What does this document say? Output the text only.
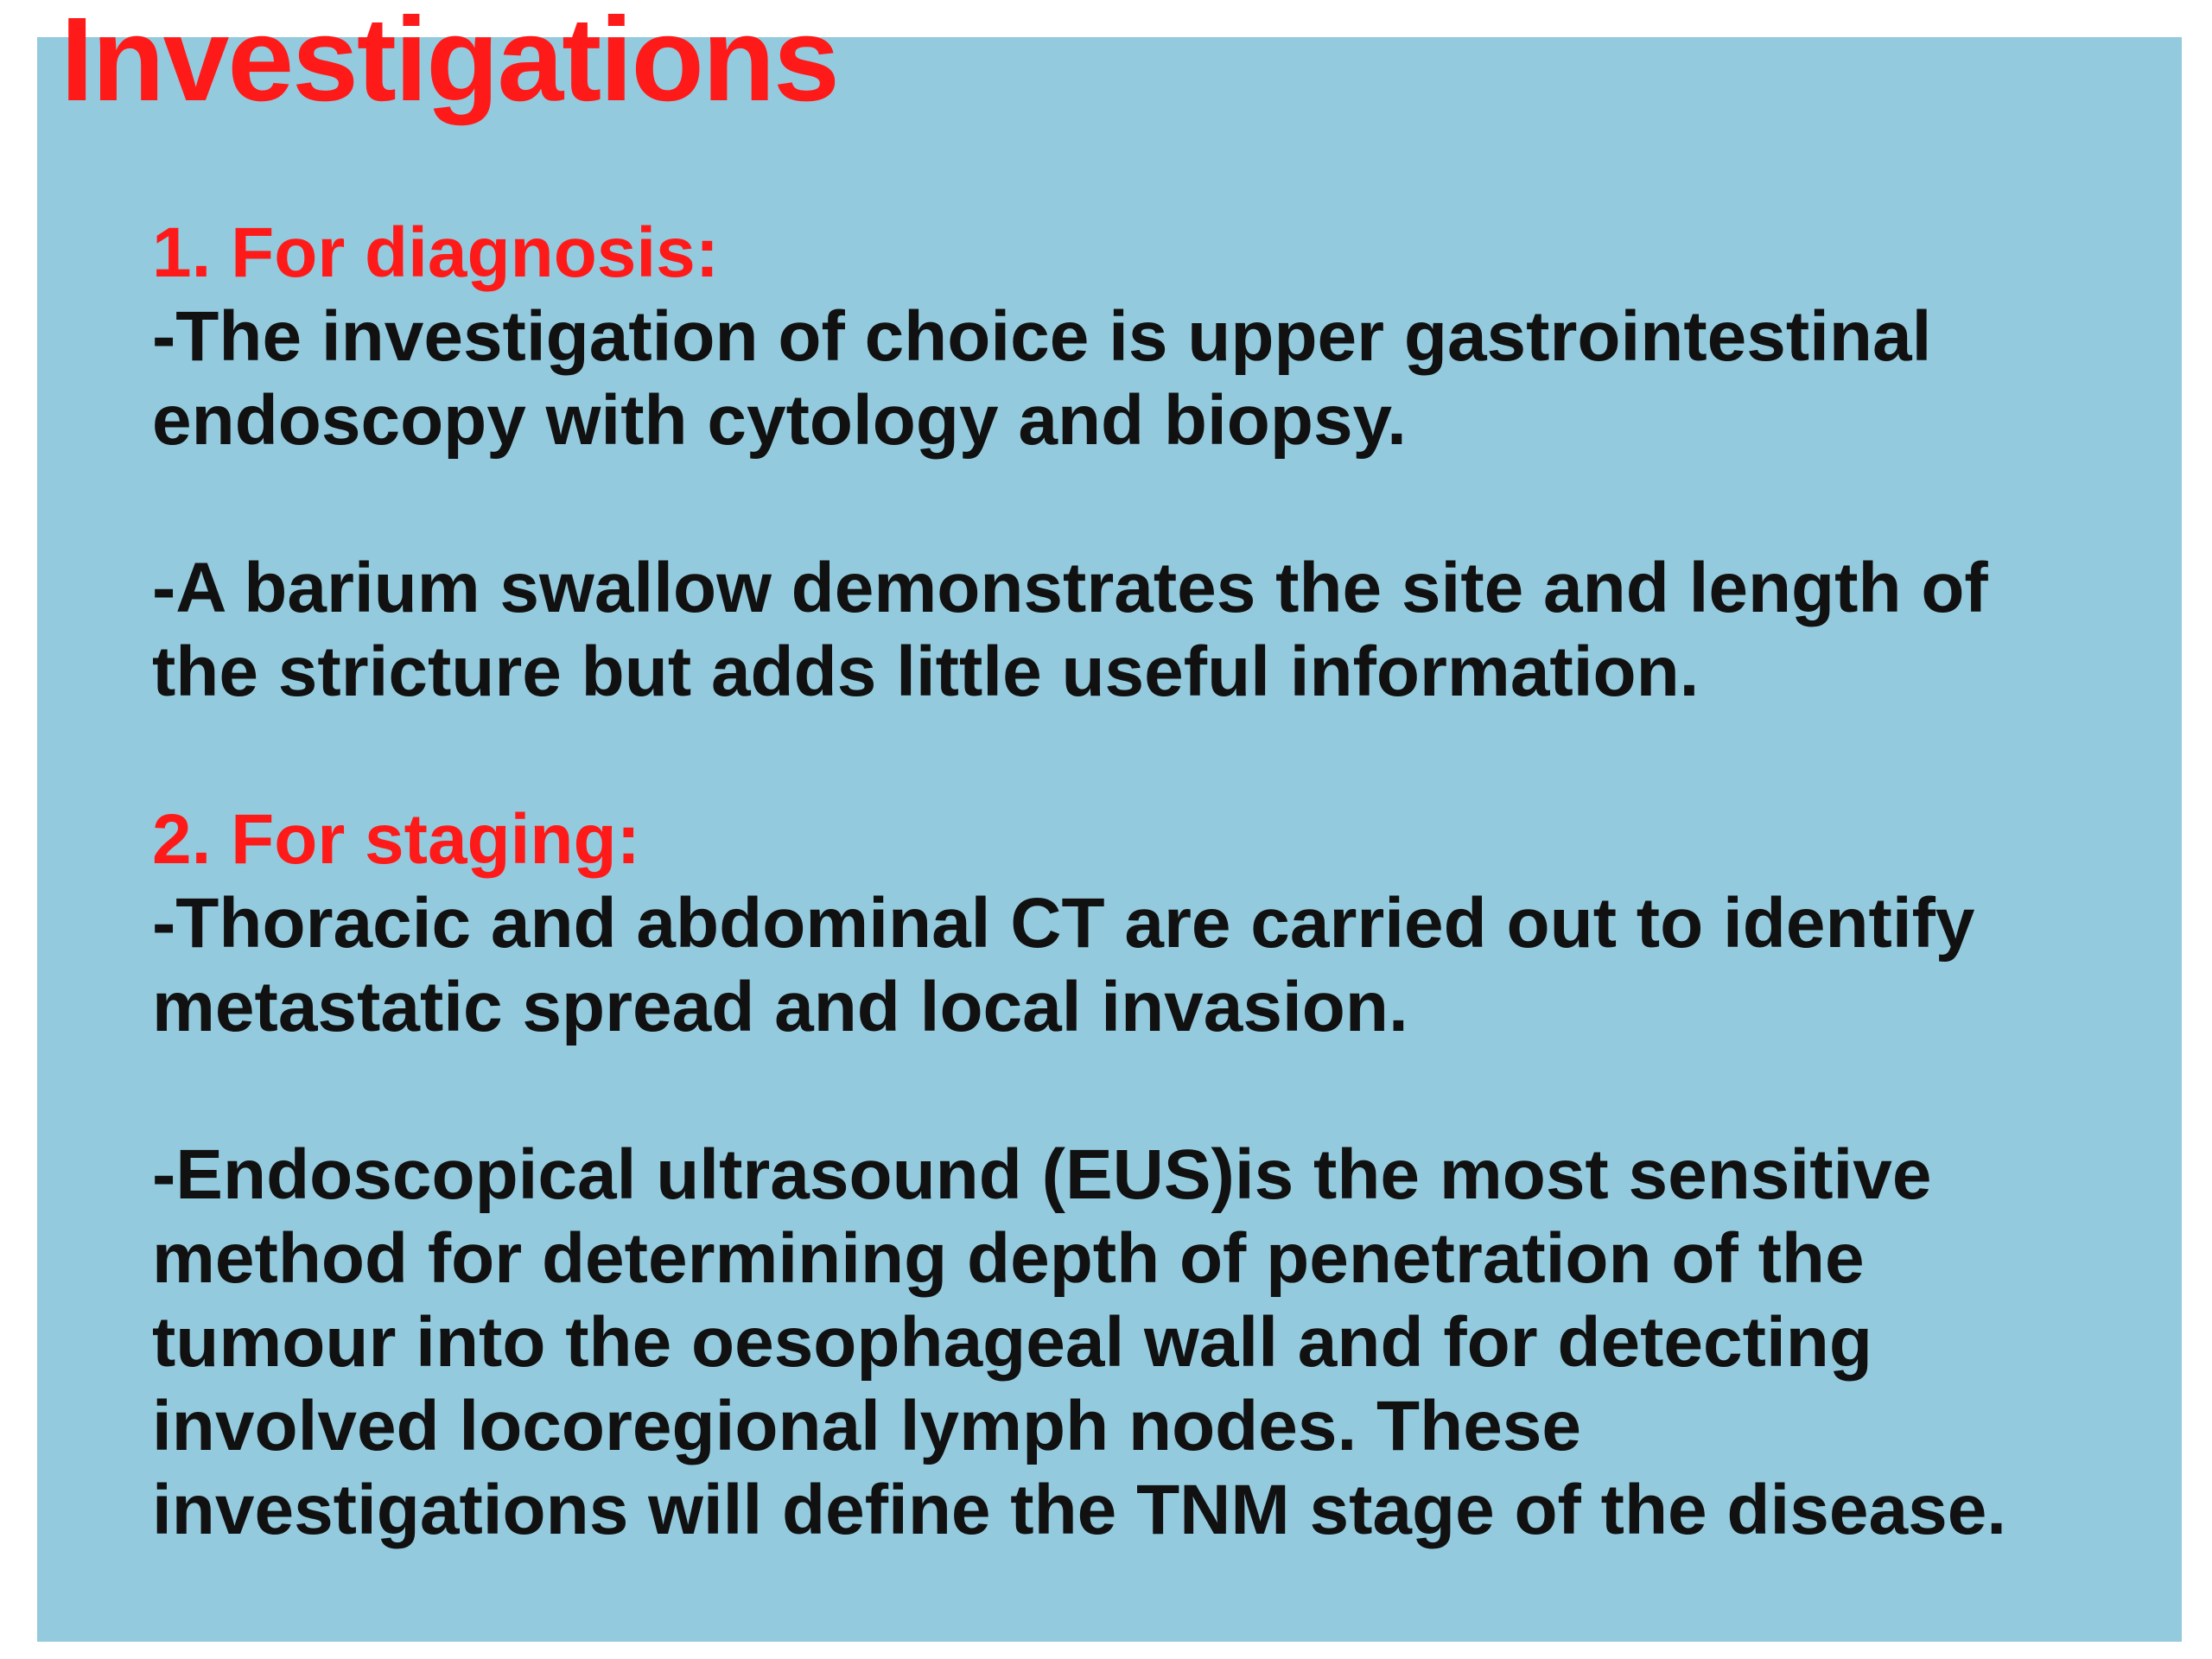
Investigations

1. For diagnosis:

-The investigation of choice is upper gastrointestinal

endoscopy with cytology and biopsy.

-A barium swallow demonstrates the site and length of

the stricture but adds little useful information.

2. For staging:

-Thoracic and abdominal CT are carried out to identify

metastatic spread and local invasion.

-Endoscopical ultrasound (EUS)is the most sensitive

method for determining depth of penetration of the

tumour into the oesophageal wall and for detecting

involved locoregional lymph nodes. These

investigations will define the TNM stage of the disease.
